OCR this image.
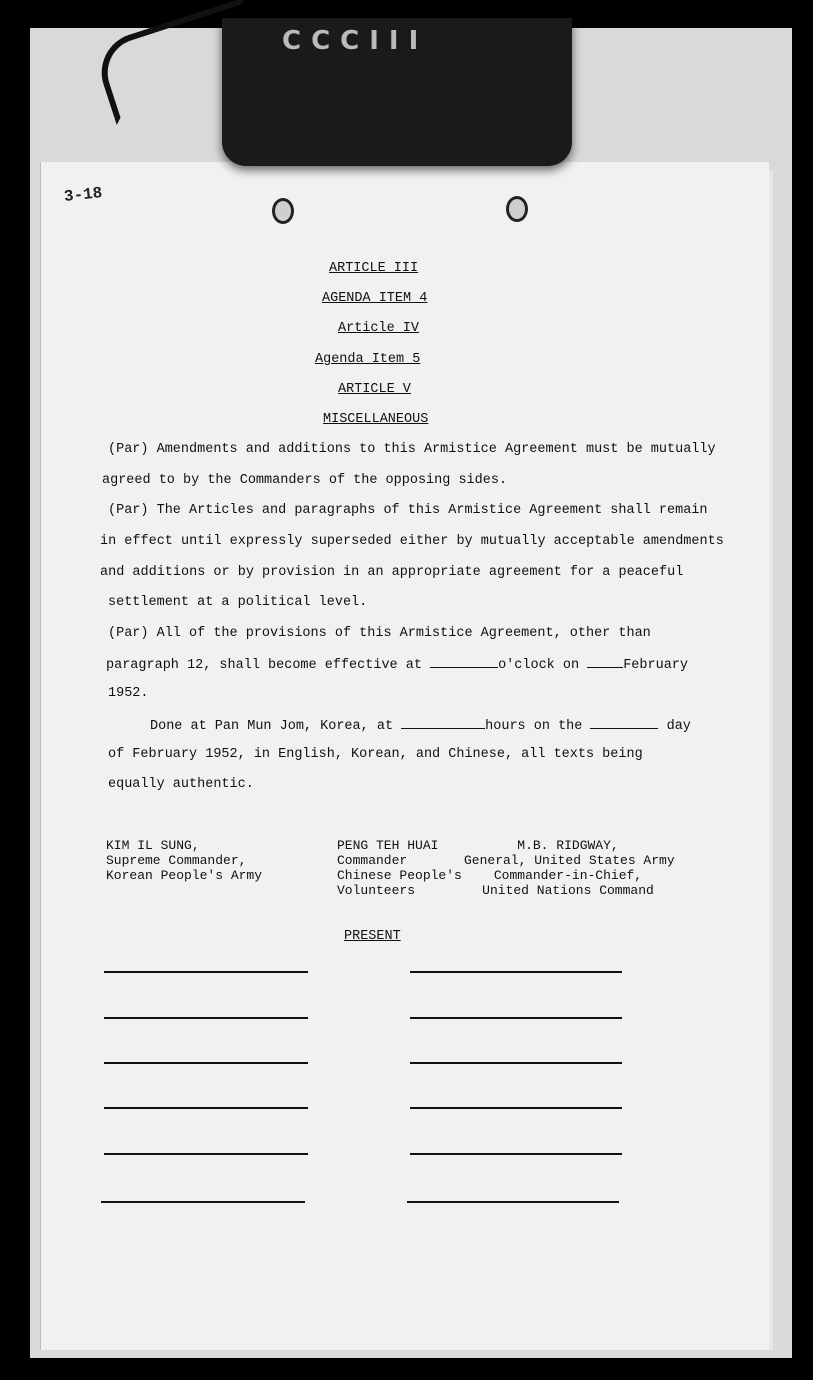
CCCIII
3-18
ARTICLE III
AGENDA ITEM 4
Article IV
Agenda Item 5
ARTICLE V
MISCELLANEOUS
(Par) Amendments and additions to this Armistice Agreement must be mutually
agreed to by the Commanders of the opposing sides.
(Par) The Articles and paragraphs of this Armistice Agreement shall remain
in effect until expressly superseded either by mutually acceptable amendments
and additions or by provision in an appropriate agreement for a peaceful
settlement at a political level.
(Par) All of the provisions of this Armistice Agreement, other than
paragraph 12, shall become effective at	o'clock on	February
1952.
Done at Pan Mun Jom, Korea, at	hours on the	day
of February 1952, in English, Korean, and Chinese, all texts being
equally authentic.
KIM IL SUNG,
Supreme Commander,
Korean People's Army
PENG TEH HUAI
Commander
Chinese People's
Volunteers
M.B. RIDGWAY,
General, United States Army
Commander-in-Chief,
United Nations Command
PRESENT
